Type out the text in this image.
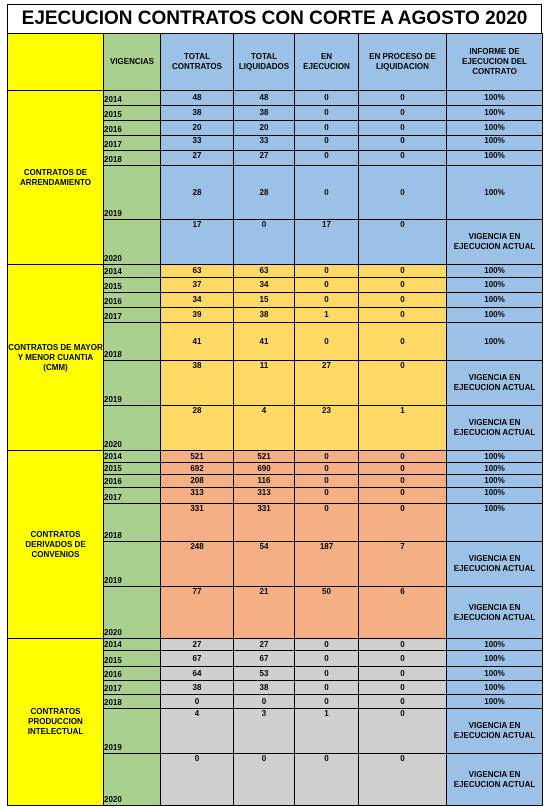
EJECUCION CONTRATOS CON CORTE A AGOSTO 2020

	VIGENCIAS	TOTAL CONTRATOS	TOTAL LIQUIDADOS	EN EJECUCION	EN PROCESO DE LIQUIDACION	INFORME DE EJECUCION DEL CONTRATO

CONTRATOS DE ARRENDAMIENTO	2014	48	48	0	0	100%
	2015	38	38	0	0	100%
	2016	20	20	0	0	100%
	2017	33	33	0	0	100%
	2018	27	27	0	0	100%
	2019	28	28	0	0	100%
	2020	17	0	17	0	VIGENCIA EN EJECUCION ACTUAL
CONTRATOS DE MAYOR Y MENOR CUANTIA (CMM)	2014	63	63	0	0	100%
	2015	37	34	0	0	100%
	2016	34	15	0	0	100%
	2017	39	38	1	0	100%
	2018	41	41	0	0	100%
	2019	38	11	27	0	VIGENCIA EN EJECUCION ACTUAL
	2020	28	4	23	1	VIGENCIA EN EJECUCION ACTUAL
CONTRATOS DERIVADOS DE CONVENIOS	2014	521	521	0	0	100%
	2015	692	690	0	0	100%
	2016	208	116	0	0	100%
	2017	313	313	0	0	100%
	2018	331	331	0	0	100%
	2019	248	54	187	7	VIGENCIA EN EJECUCION ACTUAL
	2020	77	21	50	6	VIGENCIA EN EJECUCION ACTUAL
CONTRATOS PRODUCCION INTELECTUAL	2014	27	27	0	0	100%
	2015	67	67	0	0	100%
	2016	64	53	0	0	100%
	2017	38	38	0	0	100%
	2018	0	0	0	0	100%
	2019	4	3	1	0	VIGENCIA EN EJECUCION ACTUAL
	2020	0	0	0	0	VIGENCIA EN EJECUCION ACTUAL
